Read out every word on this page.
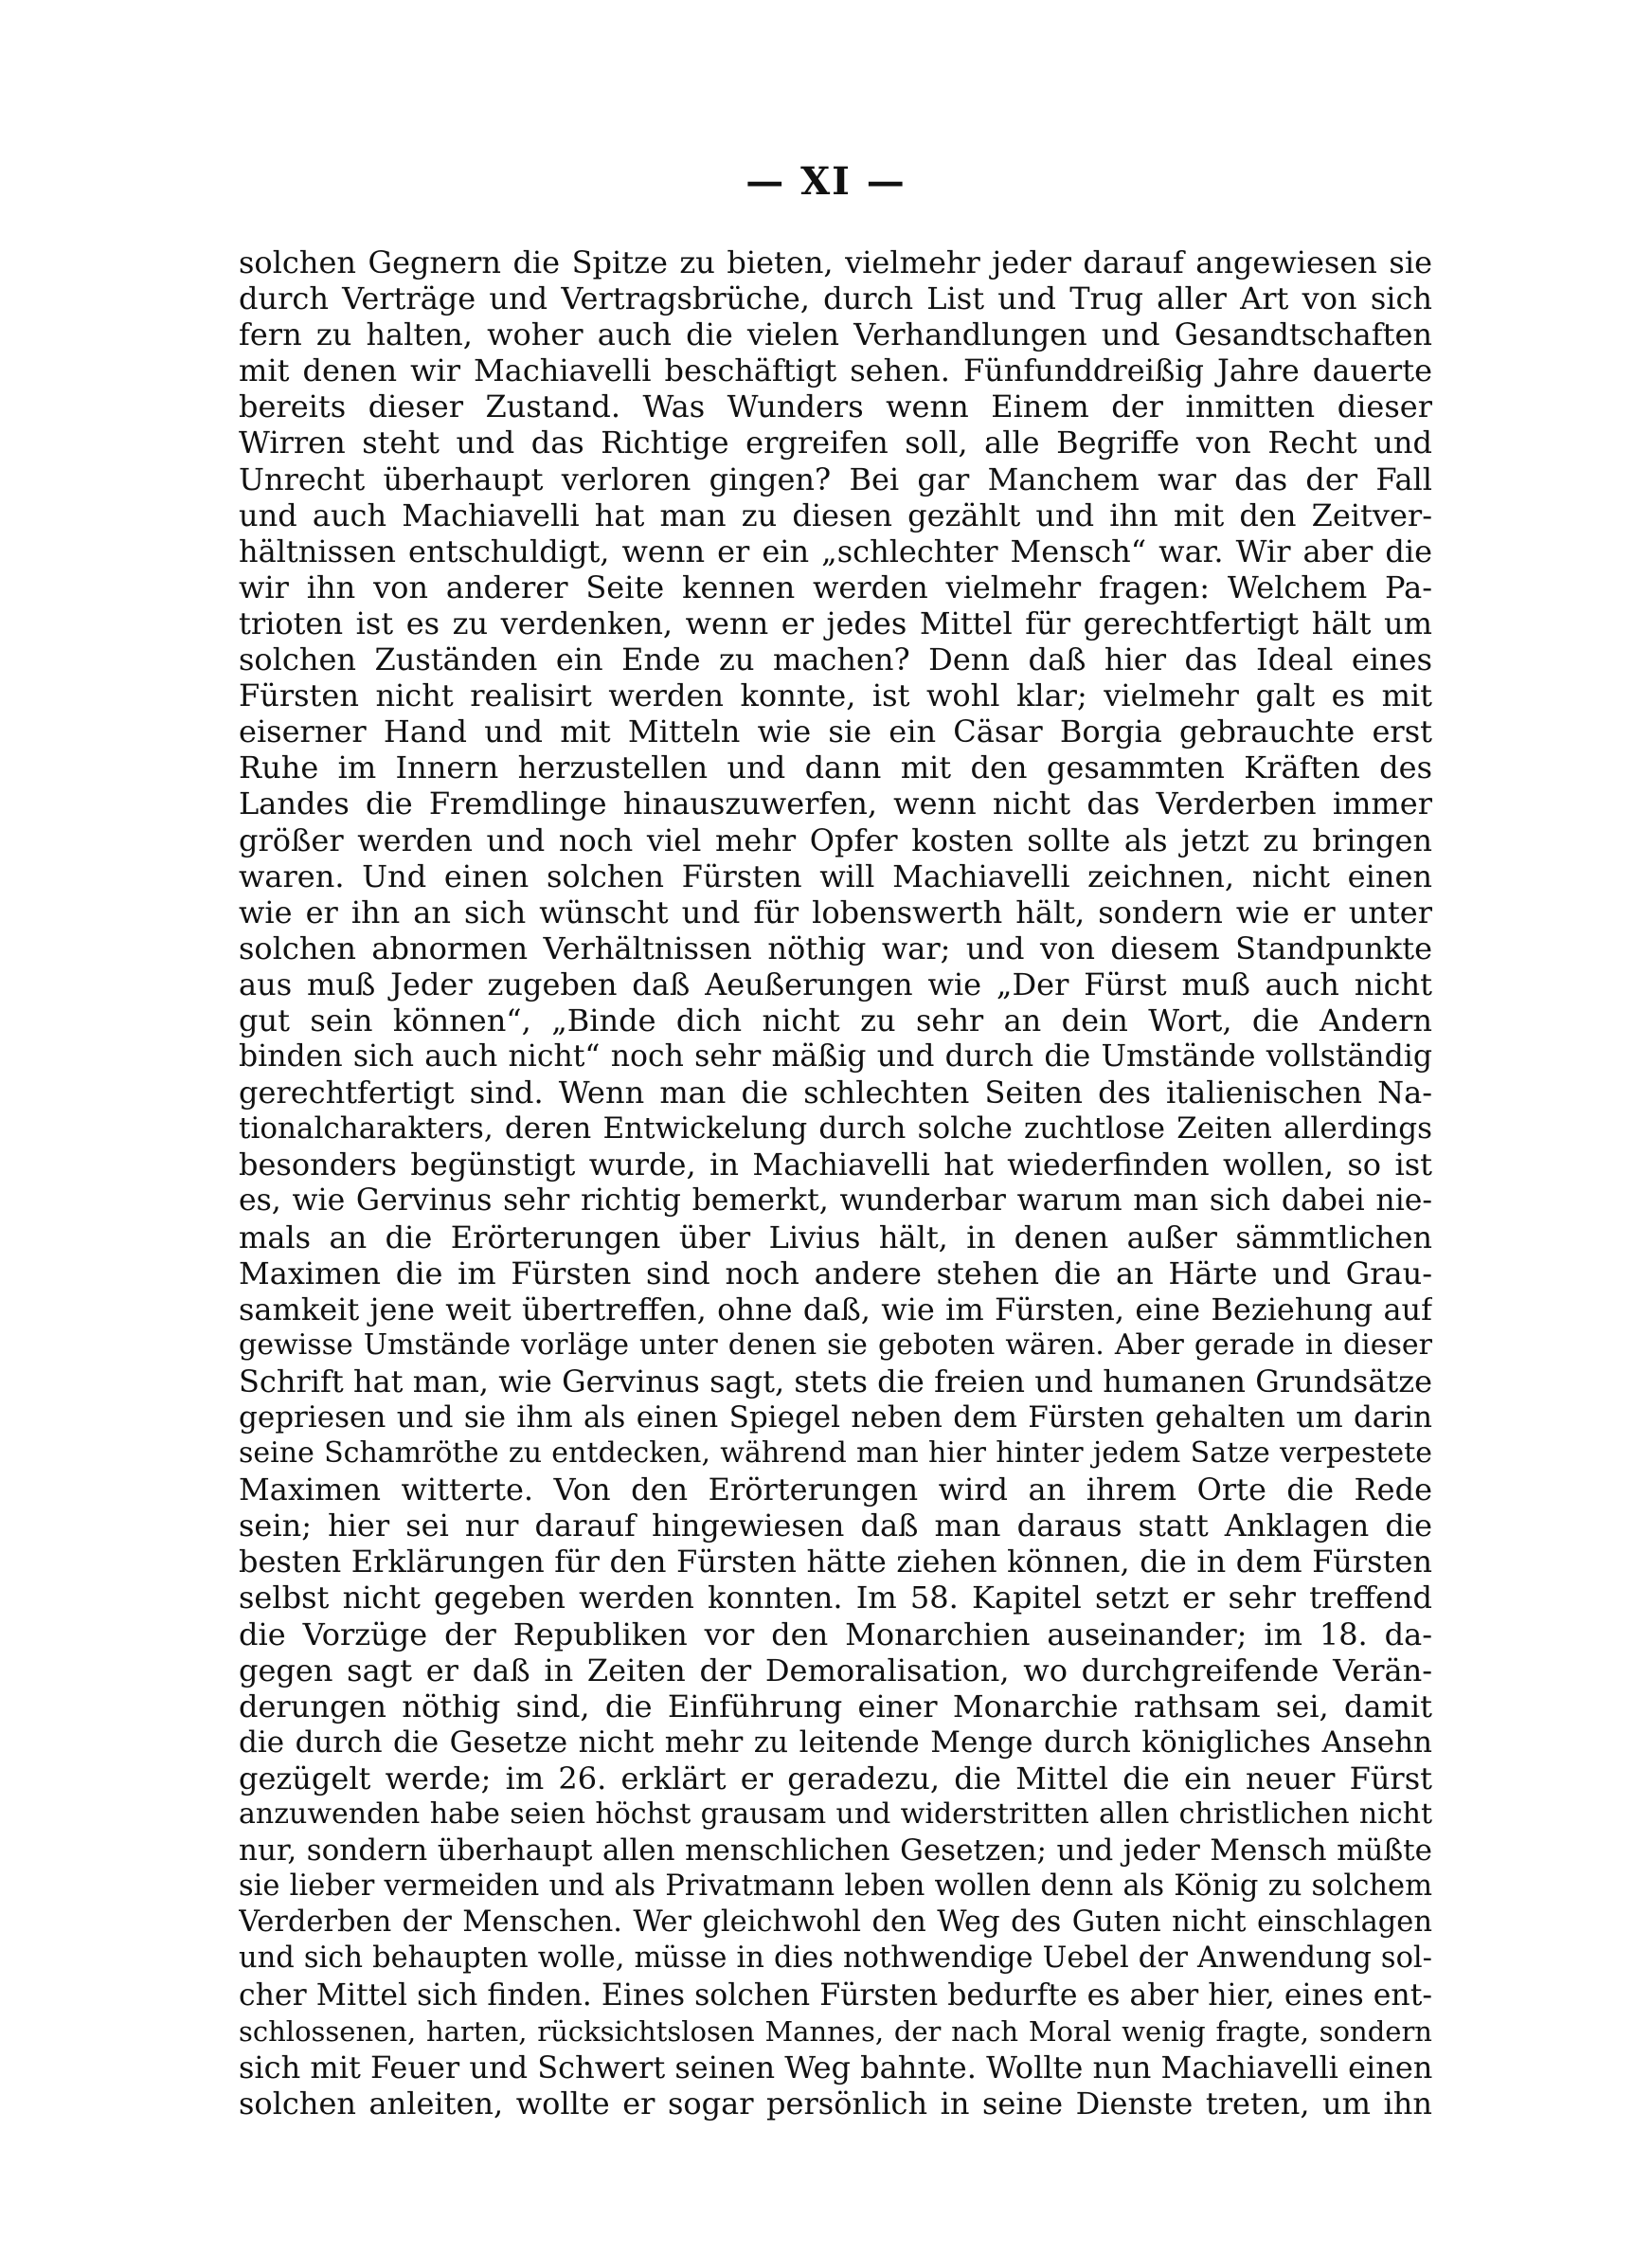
— XI —
solchen Gegnern die Spitze zu bieten, vielmehr jeder darauf angewiesen sie
durch Verträge und Vertragsbrüche, durch List und Trug aller Art von sich
fern zu halten, woher auch die vielen Verhandlungen und Gesandtschaften
mit denen wir Machiavelli beschäftigt sehen. Fünfunddreißig Jahre dauerte
bereits dieser Zustand. Was Wunders wenn Einem der inmitten dieser
Wirren steht und das Richtige ergreifen soll, alle Begriffe von Recht und
Unrecht überhaupt verloren gingen? Bei gar Manchem war das der Fall
und auch Machiavelli hat man zu diesen gezählt und ihn mit den Zeitver-
hältnissen entschuldigt, wenn er ein „schlechter Mensch“ war. Wir aber die
wir ihn von anderer Seite kennen werden vielmehr fragen: Welchem Pa-
trioten ist es zu verdenken, wenn er jedes Mittel für gerechtfertigt hält um
solchen Zuständen ein Ende zu machen? Denn daß hier das Ideal eines
Fürsten nicht realisirt werden konnte, ist wohl klar; vielmehr galt es mit
eiserner Hand und mit Mitteln wie sie ein Cäsar Borgia gebrauchte erst
Ruhe im Innern herzustellen und dann mit den gesammten Kräften des
Landes die Fremdlinge hinauszuwerfen, wenn nicht das Verderben immer
größer werden und noch viel mehr Opfer kosten sollte als jetzt zu bringen
waren. Und einen solchen Fürsten will Machiavelli zeichnen, nicht einen
wie er ihn an sich wünscht und für lobenswerth hält, sondern wie er unter
solchen abnormen Verhältnissen nöthig war; und von diesem Standpunkte
aus muß Jeder zugeben daß Aeußerungen wie „Der Fürst muß auch nicht
gut sein können“, „Binde dich nicht zu sehr an dein Wort, die Andern
binden sich auch nicht“ noch sehr mäßig und durch die Umstände vollständig
gerechtfertigt sind. Wenn man die schlechten Seiten des italienischen Na-
tionalcharakters, deren Entwickelung durch solche zuchtlose Zeiten allerdings
besonders begünstigt wurde, in Machiavelli hat wiederfinden wollen, so ist
es, wie Gervinus sehr richtig bemerkt, wunderbar warum man sich dabei nie-
mals an die Erörterungen über Livius hält, in denen außer sämmtlichen
Maximen die im Fürsten sind noch andere stehen die an Härte und Grau-
samkeit jene weit übertreffen, ohne daß, wie im Fürsten, eine Beziehung auf
gewisse Umstände vorläge unter denen sie geboten wären. Aber gerade in dieser
Schrift hat man, wie Gervinus sagt, stets die freien und humanen Grundsätze
gepriesen und sie ihm als einen Spiegel neben dem Fürsten gehalten um darin
seine Schamröthe zu entdecken, während man hier hinter jedem Satze verpestete
Maximen witterte. Von den Erörterungen wird an ihrem Orte die Rede
sein; hier sei nur darauf hingewiesen daß man daraus statt Anklagen die
besten Erklärungen für den Fürsten hätte ziehen können, die in dem Fürsten
selbst nicht gegeben werden konnten. Im 58. Kapitel setzt er sehr treffend
die Vorzüge der Republiken vor den Monarchien auseinander; im 18. da-
gegen sagt er daß in Zeiten der Demoralisation, wo durchgreifende Verän-
derungen nöthig sind, die Einführung einer Monarchie rathsam sei, damit
die durch die Gesetze nicht mehr zu leitende Menge durch königliches Ansehn
gezügelt werde; im 26. erklärt er geradezu, die Mittel die ein neuer Fürst
anzuwenden habe seien höchst grausam und widerstritten allen christlichen nicht
nur, sondern überhaupt allen menschlichen Gesetzen; und jeder Mensch müßte
sie lieber vermeiden und als Privatmann leben wollen denn als König zu solchem
Verderben der Menschen. Wer gleichwohl den Weg des Guten nicht einschlagen
und sich behaupten wolle, müsse in dies nothwendige Uebel der Anwendung sol-
cher Mittel sich finden. Eines solchen Fürsten bedurfte es aber hier, eines ent-
schlossenen, harten, rücksichtslosen Mannes, der nach Moral wenig fragte, sondern
sich mit Feuer und Schwert seinen Weg bahnte. Wollte nun Machiavelli einen
solchen anleiten, wollte er sogar persönlich in seine Dienste treten, um ihn
